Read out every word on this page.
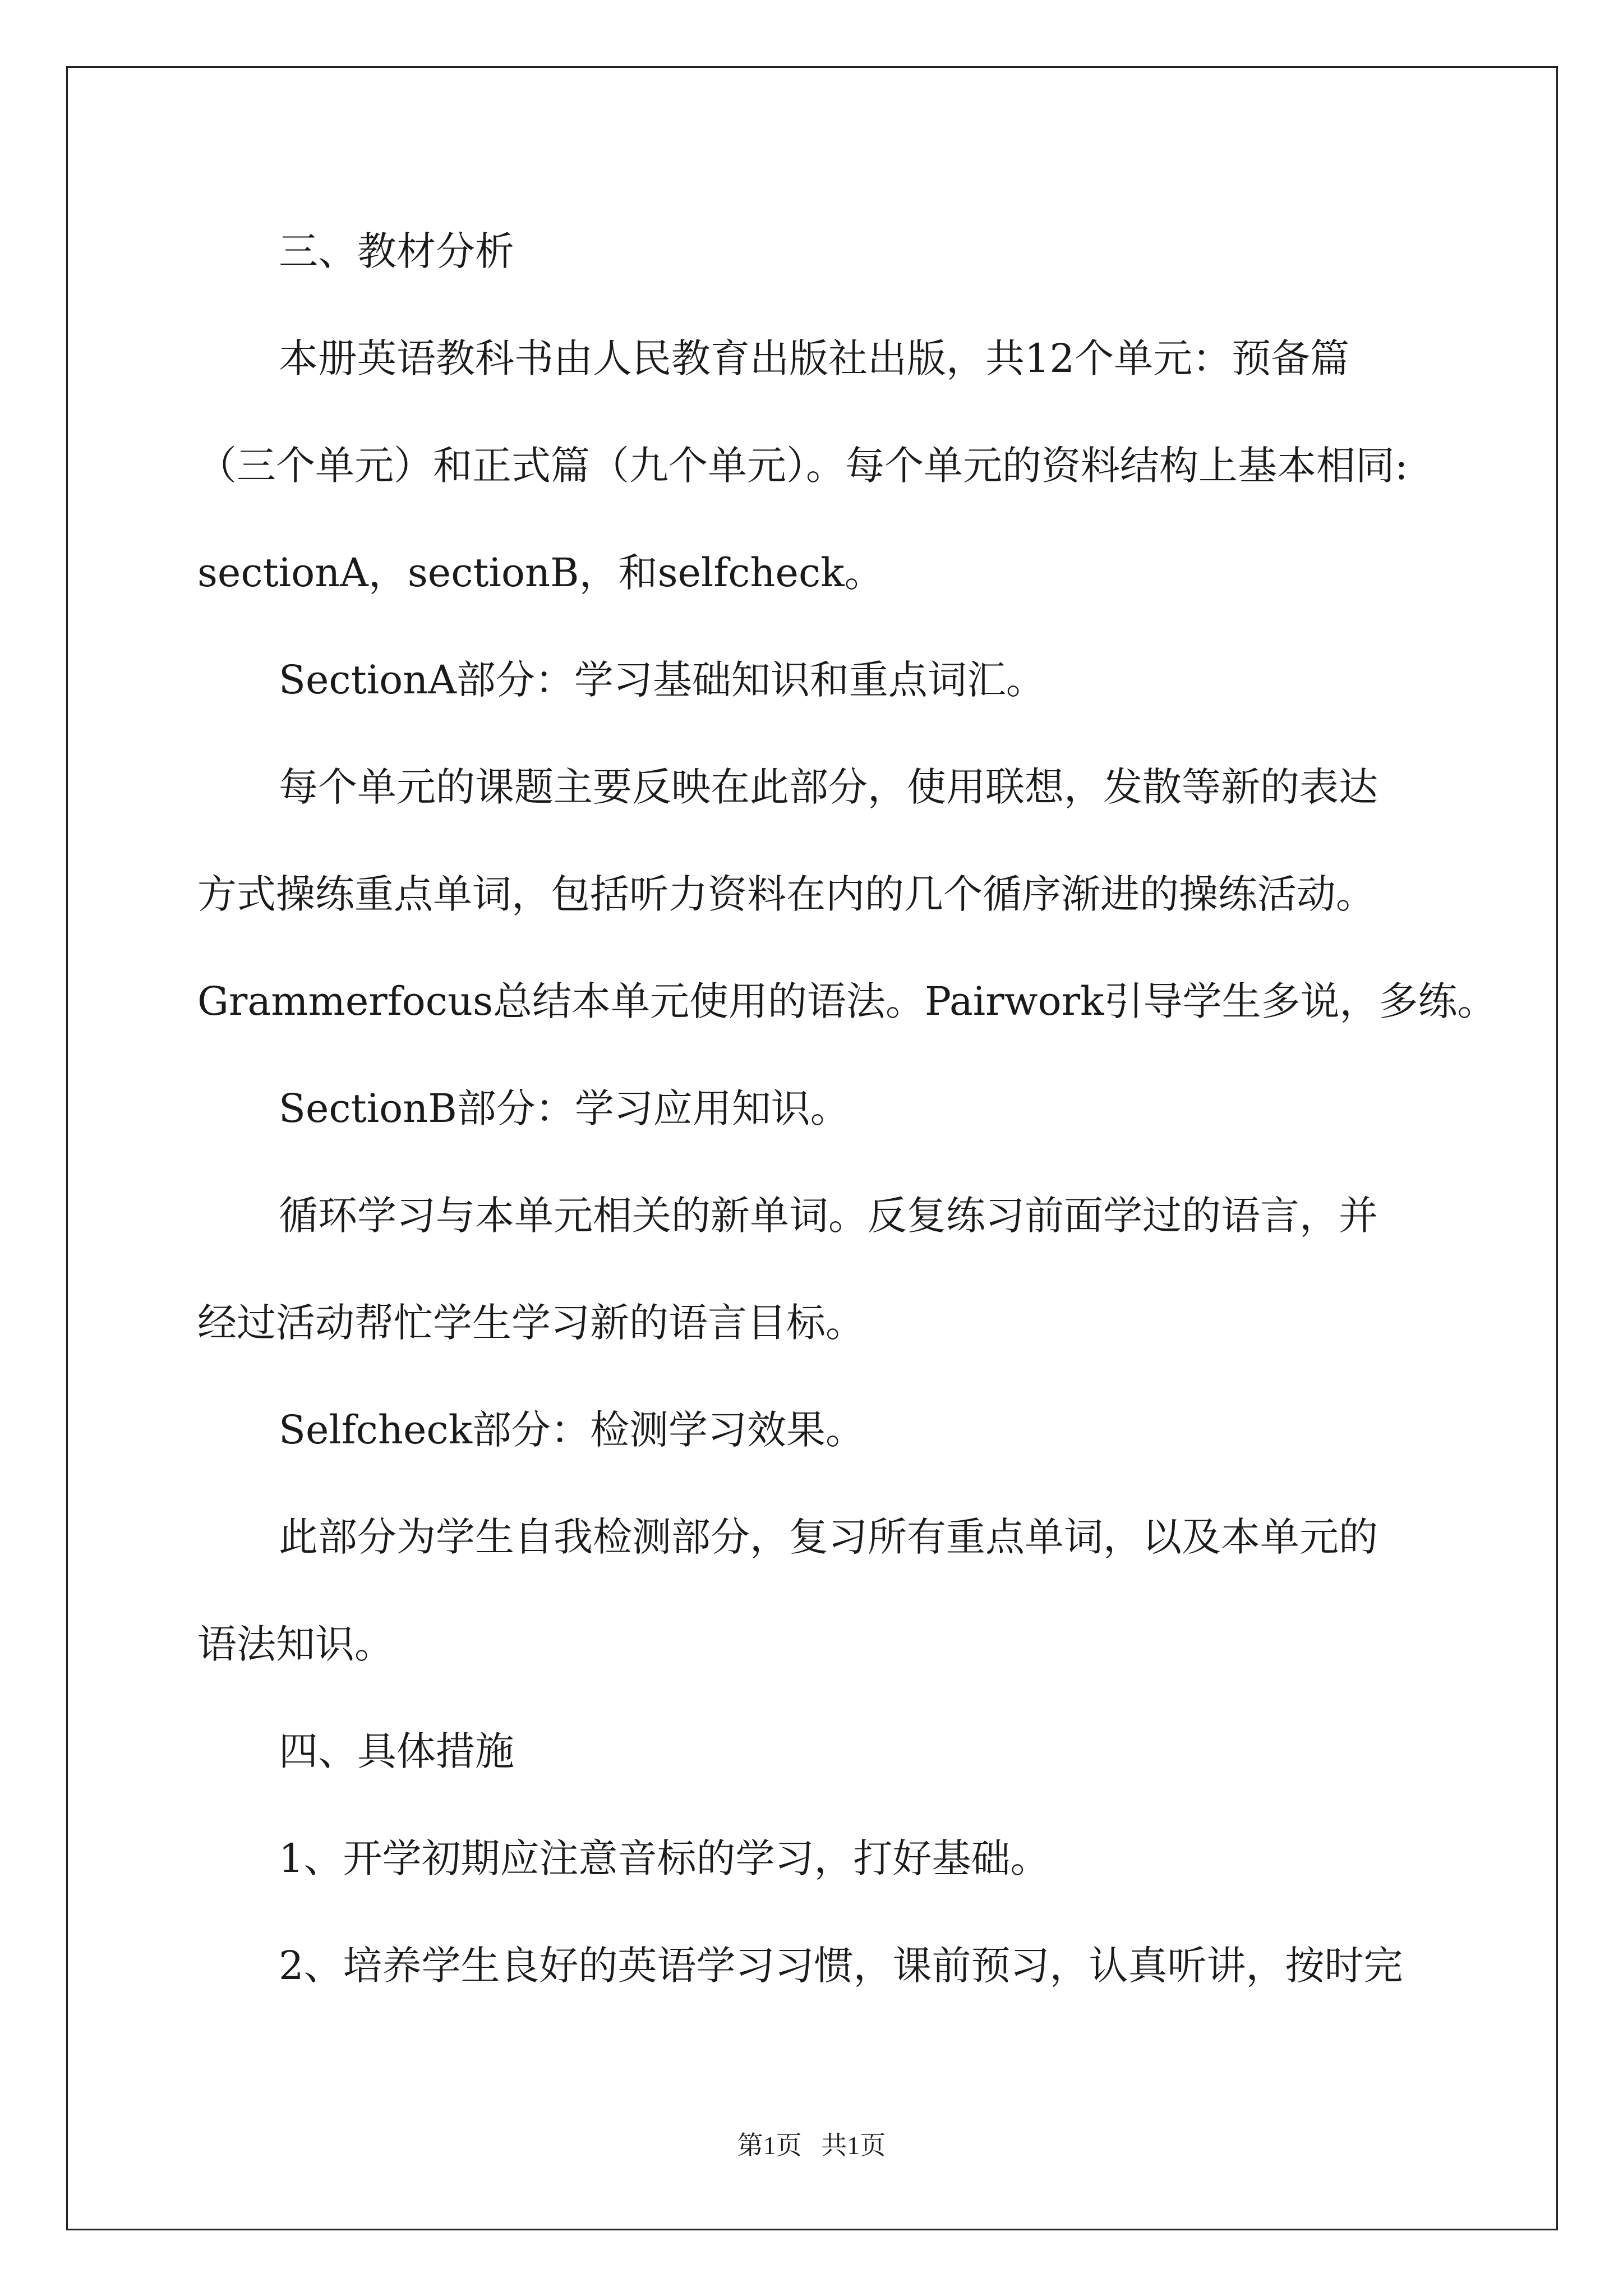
三、教材分析
本册英语教科书由人民教育出版社出版，共12个单元：预备篇
（三个单元）和正式篇（九个单元）。每个单元的资料结构上基本相同:
sectionA，sectionB，和selfcheck。
SectionA部分：学习基础知识和重点词汇。
每个单元的课题主要反映在此部分，使用联想，发散等新的表达
方式操练重点单词，包括听力资料在内的几个循序渐进的操练活动。
Grammerfocus总结本单元使用的语法。Pairwork引导学生多说，多练。
SectionB部分：学习应用知识。
循环学习与本单元相关的新单词。反复练习前面学过的语言，并
经过活动帮忙学生学习新的语言目标。
Selfcheck部分：检测学习效果。
此部分为学生自我检测部分，复习所有重点单词，以及本单元的
语法知识。
四、具体措施
1、开学初期应注意音标的学习，打好基础。
2、培养学生良好的英语学习习惯，课前预习，认真听讲，按时完
第1页   共1页
